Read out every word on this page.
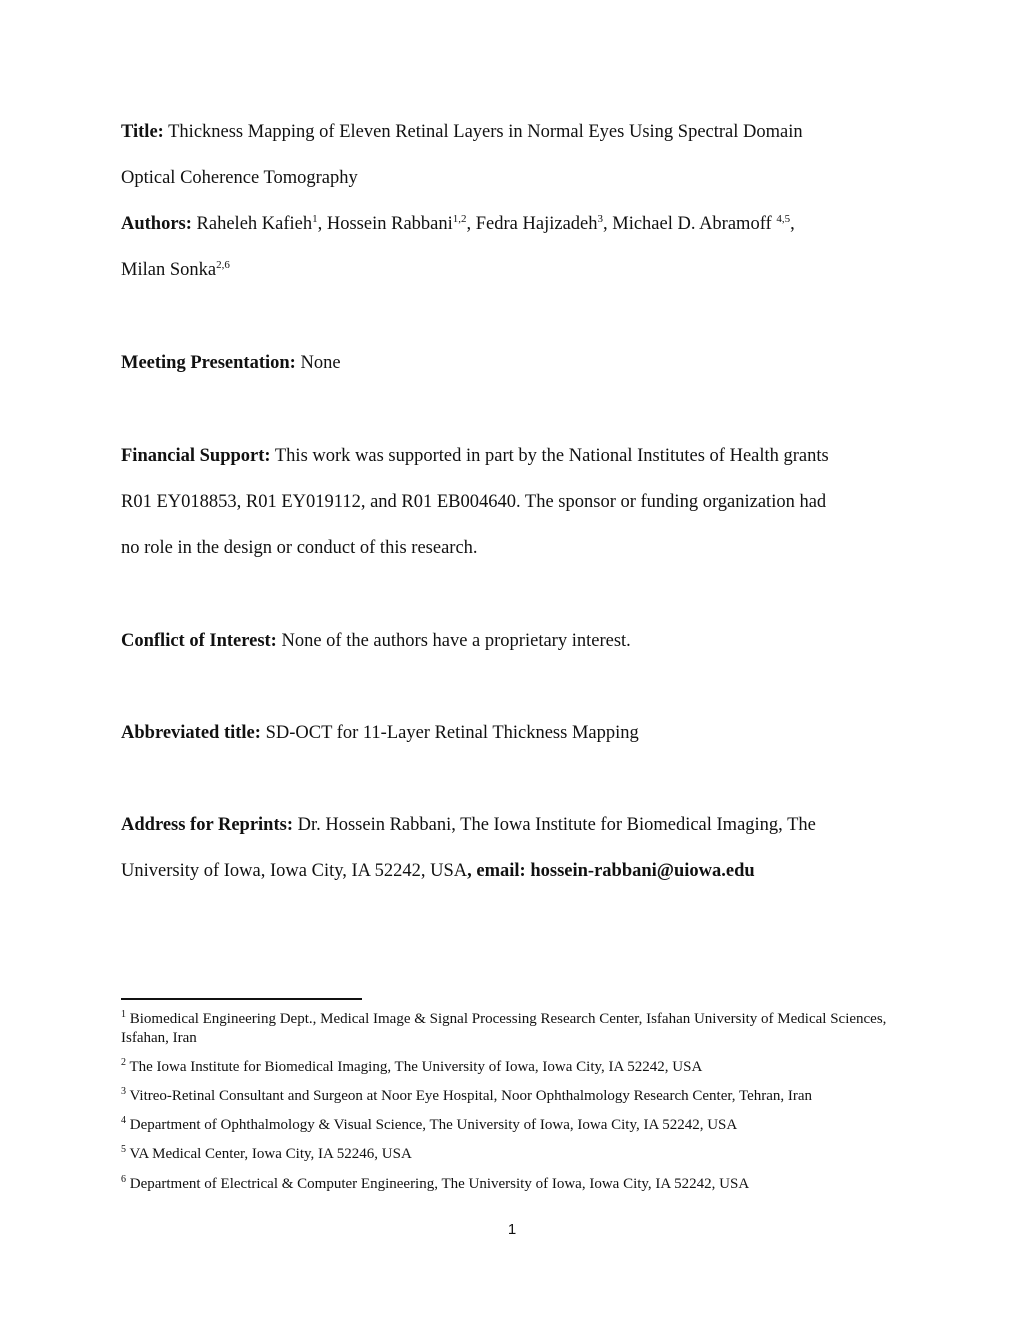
Title: Thickness Mapping of Eleven Retinal Layers in Normal Eyes Using Spectral Domain
Optical Coherence Tomography
Authors: Raheleh Kafieh$^1$, Hossein Rabbani$^{1,2}$, Fedra Hajizadeh$^3$, Michael D. Abramoff $^{4,5}$,
Milan Sonka$^{2,6}$
Meeting Presentation: None
Financial Support: This work was supported in part by the National Institutes of Health grants
R01 EY018853, R01 EY019112, and R01 EB004640. The sponsor or funding organization had
no role in the design or conduct of this research.
Conflict of Interest: None of the authors have a proprietary interest.
Abbreviated title: SD-OCT for 11-Layer Retinal Thickness Mapping
Address for Reprints: Dr. Hossein Rabbani, The Iowa Institute for Biomedical Imaging, The
University of Iowa, Iowa City, IA 52242, USA, email: hossein-rabbani@uiowa.edu
$^1$ Biomedical Engineering Dept., Medical Image & Signal Processing Research Center, Isfahan University of Medical Sciences, Isfahan, Iran
$^2$ The Iowa Institute for Biomedical Imaging, The University of Iowa, Iowa City, IA 52242, USA
$^3$ Vitreo-Retinal Consultant and Surgeon at Noor Eye Hospital, Noor Ophthalmology Research Center, Tehran, Iran
$^4$ Department of Ophthalmology & Visual Science, The University of Iowa, Iowa City, IA 52242, USA
$^5$ VA Medical Center, Iowa City, IA 52246, USA
$^6$ Department of Electrical & Computer Engineering, The University of Iowa, Iowa City, IA 52242, USA
1
